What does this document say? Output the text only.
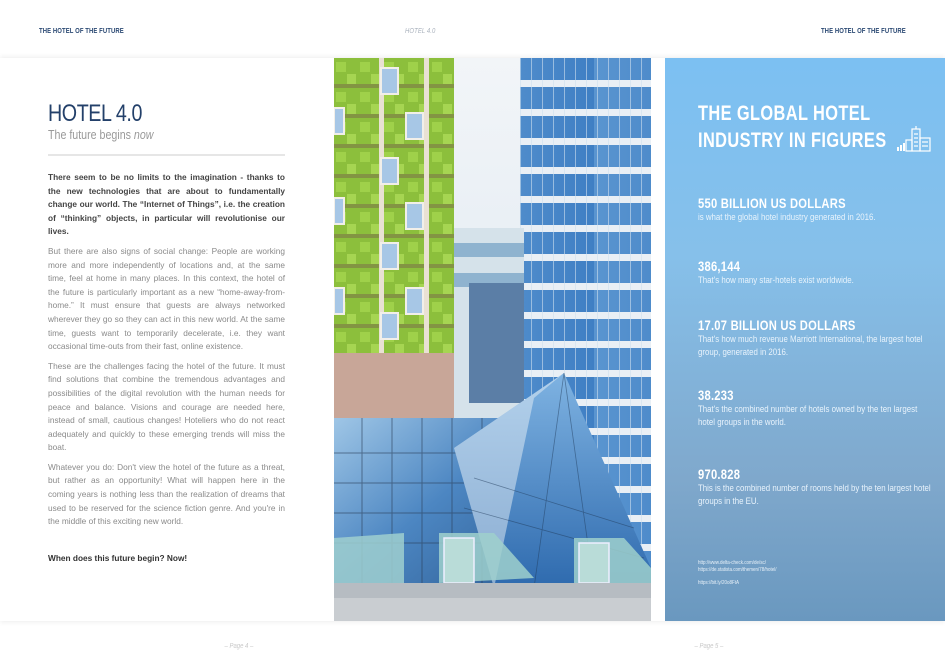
THE HOTEL OF THE FUTURE	HOTEL 4.0	THE HOTEL OF THE FUTURE
HOTEL 4.0
The future begins now

There seem to be no limits to the imagination - thanks to the new technologies that are about to fundamentally change our world. The “Internet of Things”, i.e. the creation of “thinking” objects, in particular will revolutionise our lives.

But there are also signs of social change: People are working more and more independently of locations and, at the same time, feel at home in many places. In this context, the hotel of the future is particularly important as a new “home-away-from-home.” It must ensure that guests are always networked wherever they go so they can act in this new world. At the same time, guests want to temporarily decelerate, i.e. they want occasional time-outs from their fast, online existence.

These are the challenges facing the hotel of the future. It must find solutions that combine the tremendous advantages and possibilities of the digital revolution with the human needs for peace and balance. Visions and courage are needed here, instead of small, cautious changes! Hoteliers who do not react adequately and quickly to these emerging trends will miss the boat.

Whatever you do: Don't view the hotel of the future as a threat, but rather as an opportunity! What will happen here in the coming years is nothing less than the realization of dreams that used to be reserved for the science fiction genre. And you're in the middle of this exciting new world.

When does this future begin? Now!
THE GLOBAL HOTEL
INDUSTRY IN FIGURES
550 BILLION US DOLLARS
is what the global hotel industry generated in 2016.
386,144
That's how many star-hotels exist worldwide.
17.07 BILLION US DOLLARS
That's how much revenue Marriott International, the largest hotel group, generated in 2016.
38.233
That's the combined number of hotels owned by the ten largest hotel groups in the world.
970.828
This is the combined number of rooms held by the ten largest hotel groups in the EU.
http://www.delta-check.com/de/sc/
https://de.statista.com/themen/78/hotel/
https://bit.ly/20o8FtA
– Page 4 –	– Page 5 –
